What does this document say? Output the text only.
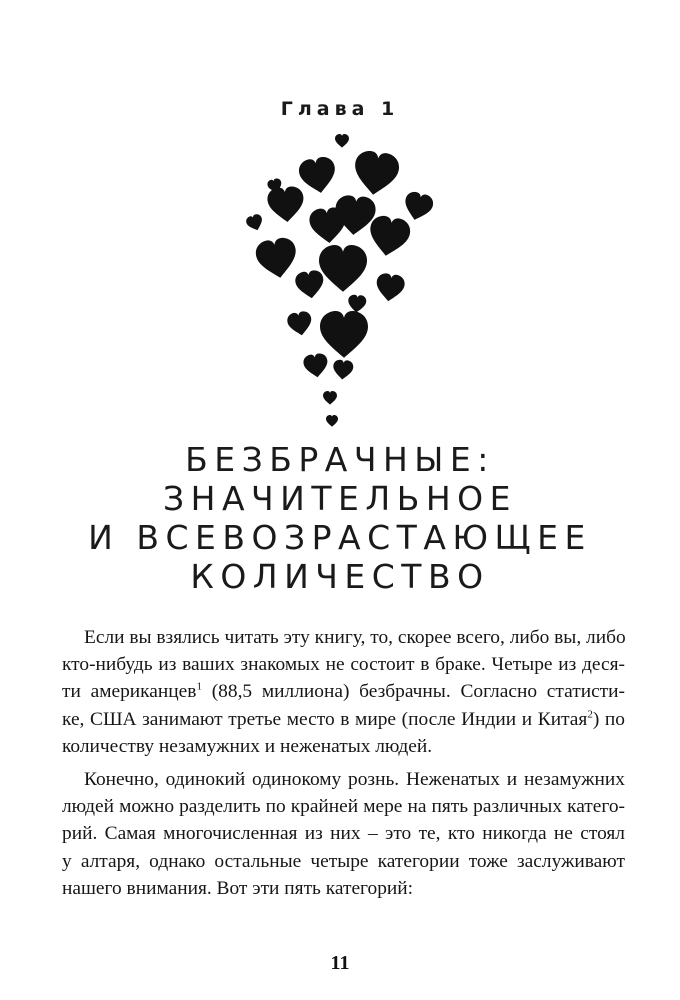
Глава 1
БЕЗБРАЧНЫЕ:
ЗНАЧИТЕЛЬНОЕ
И ВСЕВОЗРАСТАЮЩЕЕ
КОЛИЧЕСТВО
Если вы взялись читать эту книгу, то, скорее всего, либо вы, либо
кто-нибудь из ваших знакомых не состоит в браке. Четыре из деся-
ти американцев$^1$ (88,5 миллиона) безбрачны. Согласно статисти-
ке, США занимают третье место в мире (после Индии и Китая$^2$) по
количеству незамужних и неженатых людей.
Конечно, одинокий одинокому рознь. Неженатых и незамужних
людей можно разделить по крайней мере на пять различных катего-
рий. Самая многочисленная из них – это те, кто никогда не стоял
у алтаря, однако остальные четыре категории тоже заслуживают
нашего внимания. Вот эти пять категорий:
11
